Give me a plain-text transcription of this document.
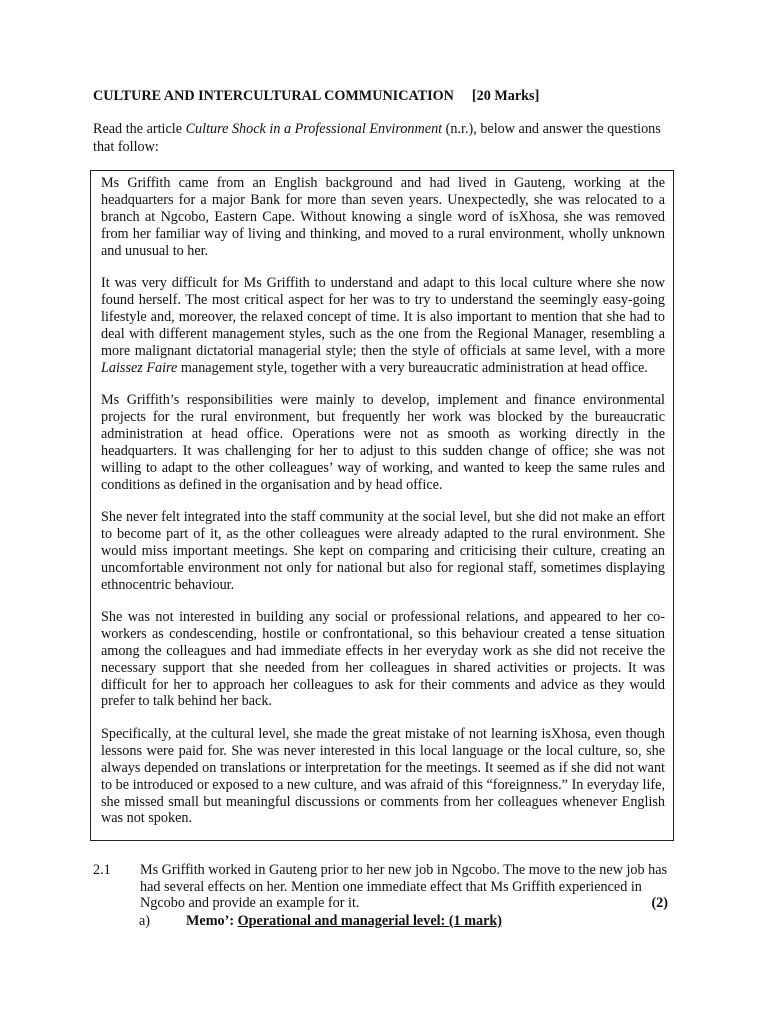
CULTURE AND INTERCULTURAL COMMUNICATION [20 Marks]
Read the article Culture Shock in a Professional Environment (n.r.), below and answer the questions that follow:

Ms Griffith came from an English background and had lived in Gauteng, working at the headquarters for a major Bank for more than seven years. Unexpectedly, she was relocated to a branch at Ngcobo, Eastern Cape. Without knowing a single word of isXhosa, she was removed from her familiar way of living and thinking, and moved to a rural environment, wholly unknown and unusual to her.

It was very difficult for Ms Griffith to understand and adapt to this local culture where she now found herself. The most critical aspect for her was to try to understand the seemingly easy-going lifestyle and, moreover, the relaxed concept of time. It is also important to mention that she had to deal with different management styles, such as the one from the Regional Manager, resembling a more malignant dictatorial managerial style; then the style of officials at same level, with a more Laissez Faire management style, together with a very bureaucratic administration at head office.

Ms Griffith’s responsibilities were mainly to develop, implement and finance environmental projects for the rural environment, but frequently her work was blocked by the bureaucratic administration at head office. Operations were not as smooth as working directly in the headquarters. It was challenging for her to adjust to this sudden change of office; she was not willing to adapt to the other colleagues’ way of working, and wanted to keep the same rules and conditions as defined in the organisation and by head office.

She never felt integrated into the staff community at the social level, but she did not make an effort to become part of it, as the other colleagues were already adapted to the rural environment. She would miss important meetings. She kept on comparing and criticising their culture, creating an uncomfortable environment not only for national but also for regional staff, sometimes displaying ethnocentric behaviour.

She was not interested in building any social or professional relations, and appeared to her co-workers as condescending, hostile or confrontational, so this behaviour created a tense situation among the colleagues and had immediate effects in her everyday work as she did not receive the necessary support that she needed from her colleagues in shared activities or projects. It was difficult for her to approach her colleagues to ask for their comments and advice as they would prefer to talk behind her back.

Specifically, at the cultural level, she made the great mistake of not learning isXhosa, even though lessons were paid for. She was never interested in this local language or the local culture, so, she always depended on translations or interpretation for the meetings. It seemed as if she did not want to be introduced or exposed to a new culture, and was afraid of this “foreignness.” In everyday life, she missed small but meaningful discussions or comments from her colleagues whenever English was not spoken.

2.1 Ms Griffith worked in Gauteng prior to her new job in Ngcobo. The move to the new job has had several effects on her. Mention one immediate effect that Ms Griffith experienced in Ngcobo and provide an example for it.	(2)
a)	Memo’: Operational and managerial level: (1 mark)
